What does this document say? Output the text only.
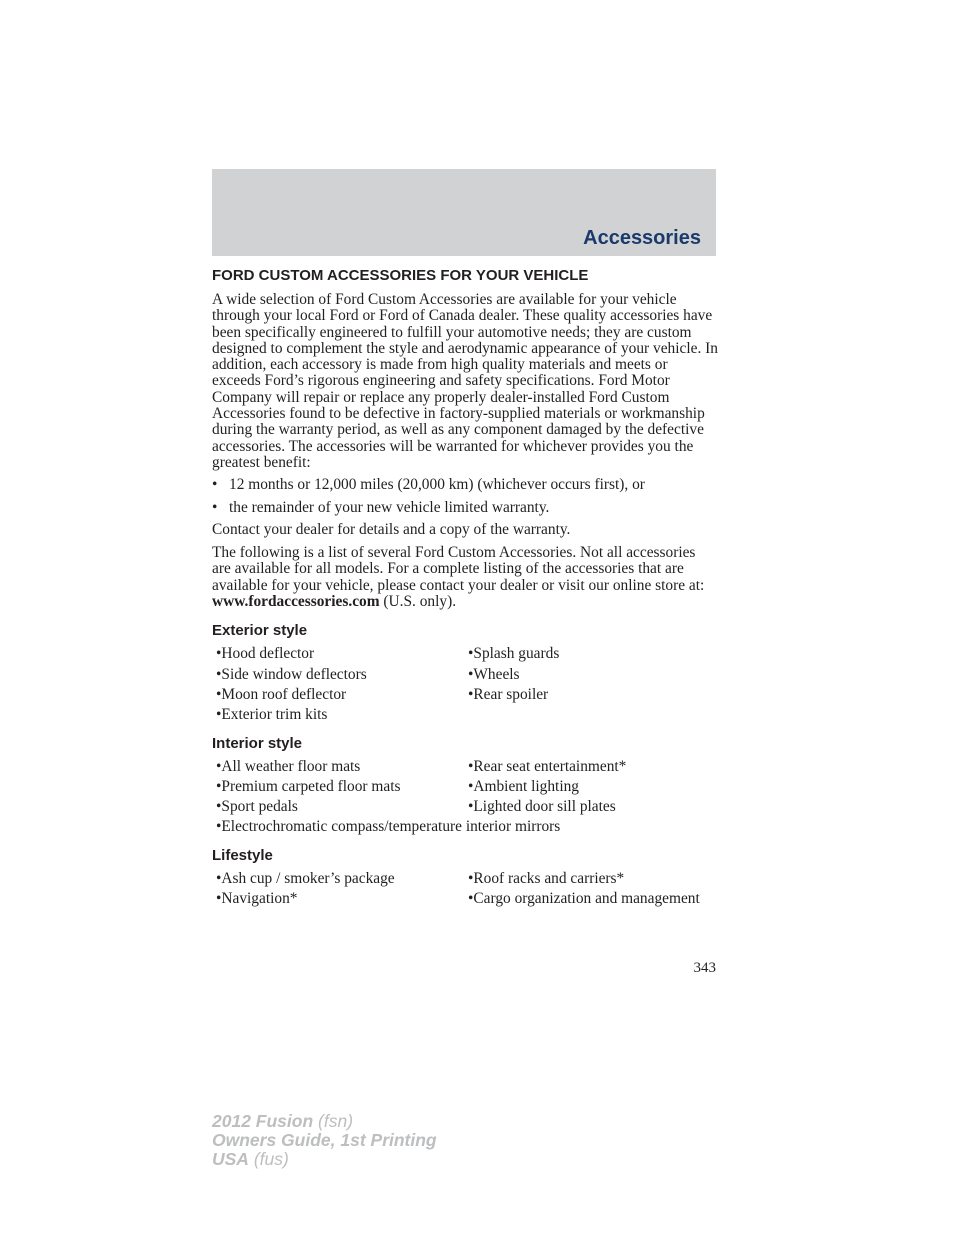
Accessories
FORD CUSTOM ACCESSORIES FOR YOUR VEHICLE

A wide selection of Ford Custom Accessories are available for your vehicle through your local Ford or Ford of Canada dealer. These quality accessories have been specifically engineered to fulfill your automotive needs; they are custom designed to complement the style and aerodynamic appearance of your vehicle. In addition, each accessory is made from high quality materials and meets or exceeds Ford’s rigorous engineering and safety specifications. Ford Motor Company will repair or replace any properly dealer-installed Ford Custom Accessories found to be defective in factory-supplied materials or workmanship during the warranty period, as well as any component damaged by the defective accessories. The accessories will be warranted for whichever provides you the greatest benefit:

• 12 months or 12,000 miles (20,000 km) (whichever occurs first), or
• the remainder of your new vehicle limited warranty.

Contact your dealer for details and a copy of the warranty.

The following is a list of several Ford Custom Accessories. Not all accessories are available for all models. For a complete listing of the accessories that are available for your vehicle, please contact your dealer or visit our online store at: www.fordaccessories.com (U.S. only).

Exterior style
•Hood deflector	•Splash guards
•Side window deflectors	•Wheels
•Moon roof deflector	•Rear spoiler
•Exterior trim kits
Interior style
•All weather floor mats	•Rear seat entertainment*
•Premium carpeted floor mats	•Ambient lighting
•Sport pedals	•Lighted door sill plates
•Electrochromatic compass/temperature interior mirrors
Lifestyle
•Ash cup / smoker’s package	•Roof racks and carriers*
•Navigation*	•Cargo organization and management
343
2012 Fusion (fsn)
Owners Guide, 1st Printing
USA (fus)
